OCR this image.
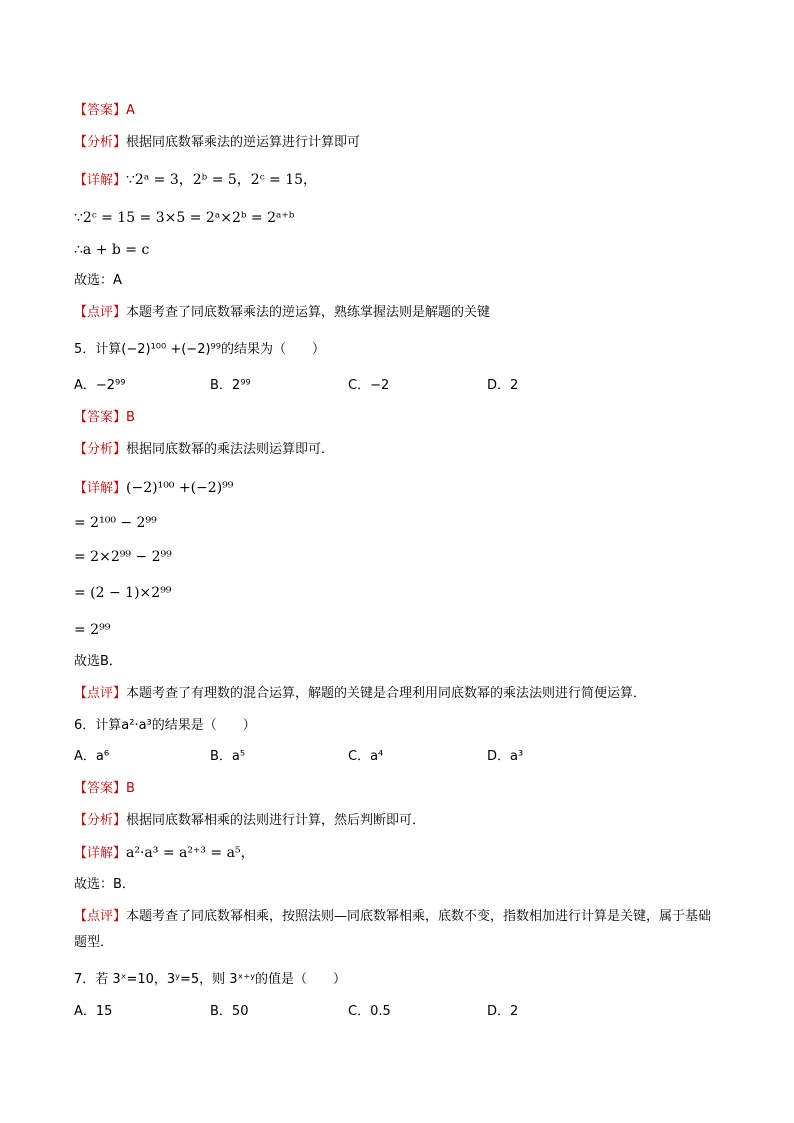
【答案】A
【分析】根据同底数幂乘法的逆运算进行计算即可
【详解】∵2ᵃ = 3，2ᵇ = 5，2ᶜ = 15，
∵2ᶜ = 15 = 3×5 = 2ᵃ×2ᵇ = 2ᵃ⁺ᵇ
∴a + b = c
故选：A
【点评】本题考查了同底数幂乘法的逆运算，熟练掌握法则是解题的关键
5．计算(−2)¹⁰⁰ +(−2)⁹⁹的结果为（　　）
A．−2⁹⁹	B．2⁹⁹	C．−2	D．2
【答案】B
【分析】根据同底数幂的乘法法则运算即可．
【详解】(−2)¹⁰⁰ +(−2)⁹⁹
= 2¹⁰⁰ − 2⁹⁹
= 2×2⁹⁹ − 2⁹⁹
= (2 − 1)×2⁹⁹
= 2⁹⁹
故选B．
【点评】本题考查了有理数的混合运算，解题的关键是合理利用同底数幂的乘法法则进行简便运算．
6．计算a²·a³的结果是（　　）
A．a⁶	B．a⁵	C．a⁴	D．a³
【答案】B
【分析】根据同底数幂相乘的法则进行计算，然后判断即可．
【详解】a²·a³ = a²⁺³ = a⁵，
故选：B．
【点评】本题考查了同底数幂相乘，按照法则—同底数幂相乘，底数不变，指数相加进行计算是关键，属于基础题型．
7．若 3ˣ=10，3ʸ=5，则 3ˣ⁺ʸ的值是（　　）
A．15	B．50	C．0.5	D．2
